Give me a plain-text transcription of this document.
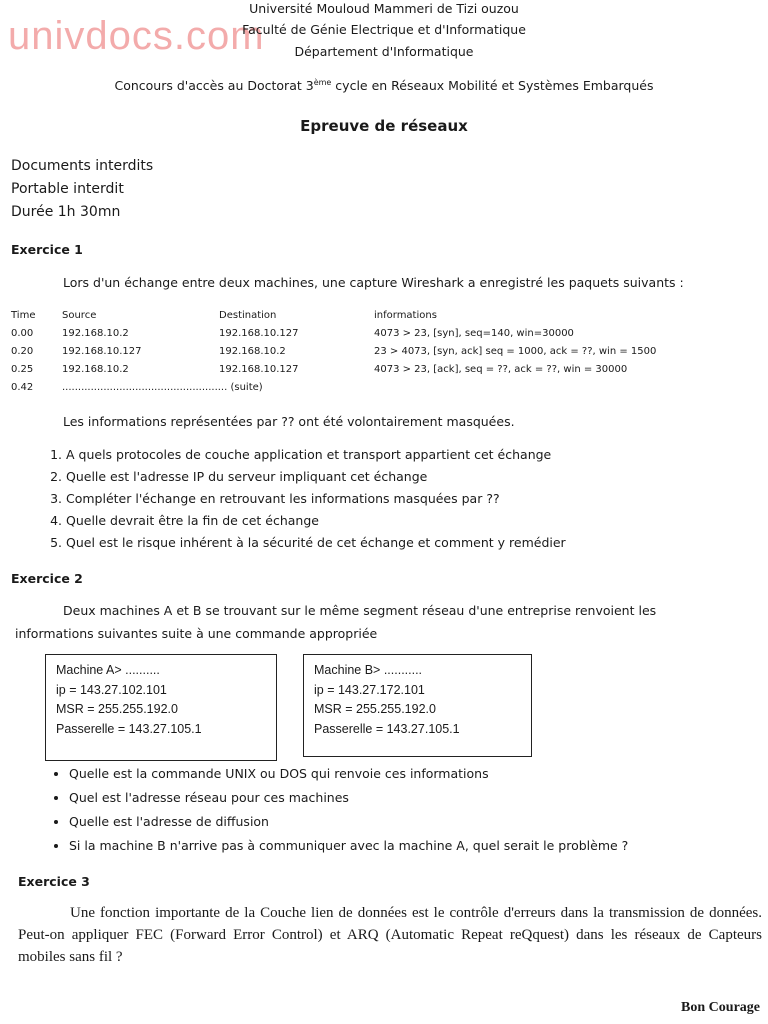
univdocs.com
Université Mouloud Mammeri de Tizi ouzou
Faculté de Génie Electrique et d'Informatique
Département d'Informatique
Concours d'accès au Doctorat 3ème cycle en Réseaux Mobilité et Systèmes Embarqués
Epreuve de réseaux
Documents interdits
Portable interdit
Durée 1h 30mn
Exercice 1
Lors d'un échange entre deux machines, une capture Wireshark a enregistré les paquets suivants :
Time	Source	Destination	informations
0.00	192.168.10.2	192.168.10.127	4073 > 23, [syn], seq=140, win=30000
0.20	192.168.10.127	192.168.10.2	23 > 4073, [syn, ack] seq = 1000, ack = ??, win = 1500
0.25	192.168.10.2	192.168.10.127	4073 > 23, [ack], seq = ??, ack = ??, win = 30000
0.42	.................................................... (suite)		
Les informations représentées par ?? ont été volontairement masquées.
1. A quels protocoles de couche application et transport appartient cet échange
2. Quelle est l'adresse IP du serveur impliquant cet échange
3. Compléter l'échange en retrouvant les informations masquées par ??
4. Quelle devrait être la fin de cet échange
5. Quel est le risque inhérent à la sécurité de cet échange et comment y remédier
Exercice 2
Deux machines A et B se trouvant sur le même segment réseau d'une entreprise renvoient les
informations suivantes suite à une commande appropriée
Machine A> ..........
ip = 143.27.102.101
MSR = 255.255.192.0
Passerelle = 143.27.105.1
Machine B> ...........
ip = 143.27.172.101
MSR = 255.255.192.0
Passerelle = 143.27.105.1
• Quelle est la commande UNIX ou DOS qui renvoie ces informations
• Quel est l'adresse réseau pour ces machines
• Quelle est l'adresse de diffusion
• Si la machine B n'arrive pas à communiquer avec la machine A, quel serait le problème ?
Exercice 3
Une fonction importante de la Couche lien de données est le contrôle d'erreurs dans la transmission de données. Peut-on appliquer FEC (Forward Error Control) et ARQ (Automatic Repeat reQquest) dans les réseaux de Capteurs mobiles sans fil ?
Bon Courage
